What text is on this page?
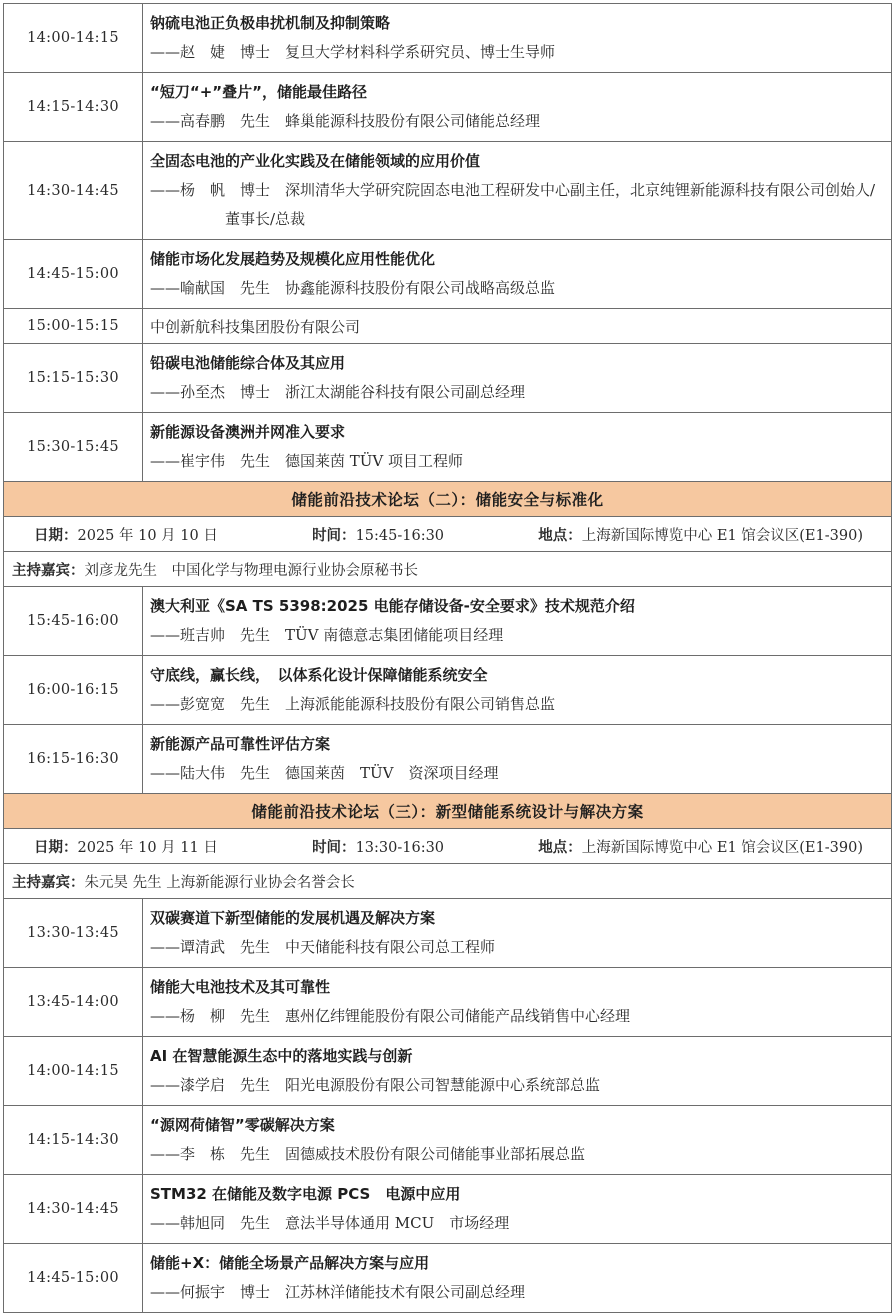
14:00-14:15	钠硫电池正负极串扰机制及抑制策略
——赵　婕　博士　复旦大学材料科学系研究员、博士生导师

14:15-14:30	“短刀“+”叠片”，储能最佳路径
——高春鹏　先生　蜂巢能源科技股份有限公司储能总经理

14:30-14:45	全固态电池的产业化实践及在储能领域的应用价值
——杨　帆　博士　深圳清华大学研究院固态电池工程研发中心副主任，北京纯锂新能源科技有限公司创始人/ 董事长/总裁

14:45-15:00	储能市场化发展趋势及规模化应用性能优化
——喻献国　先生　协鑫能源科技股份有限公司战略高级总监

15:00-15:15	中创新航科技集团股份有限公司
15:15-15:30	铅碳电池储能综合体及其应用
——孙至杰　博士　浙江太湖能谷科技有限公司副总经理

15:30-15:45	新能源设备澳洲并网准入要求
——崔宇伟　先生　德国莱茵 TÜV 项目工程师

储能前沿技术论坛（二）：储能安全与标准化	

日期：2025 年 10 月 10 日 时间：15:45-16:30 地点：上海新国际博览中心 E1 馆会议区(E1-390)	

主持嘉宾：刘彦龙先生　中国化学与物理电源行业协会原秘书长	
15:45-16:00	澳大利亚《SA TS 5398:2025 电能存储设备-安全要求》技术规范介绍
——班吉帅　先生　TÜV 南德意志集团储能项目经理

16:00-16:15	守底线，赢长线，　以体系化设计保障储能系统安全
——彭宽宽　先生　上海派能能源科技股份有限公司销售总监

16:15-16:30	新能源产品可靠性评估方案
——陆大伟　先生　德国莱茵　TÜV　资深项目经理

储能前沿技术论坛（三）：新型储能系统设计与解决方案	

日期：2025 年 10 月 11 日 时间：13:30-16:30 地点：上海新国际博览中心 E1 馆会议区(E1-390)	

主持嘉宾：朱元昊 先生 上海新能源行业协会名誉会长	
13:30-13:45	双碳赛道下新型储能的发展机遇及解决方案
——谭清武　先生　中天储能科技有限公司总工程师

13:45-14:00	储能大电池技术及其可靠性
——杨　柳　先生　惠州亿纬锂能股份有限公司储能产品线销售中心经理

14:00-14:15	AI 在智慧能源生态中的落地实践与创新
——漆学启　先生　阳光电源股份有限公司智慧能源中心系统部总监

14:15-14:30	“源网荷储智”零碳解决方案
——李　栋　先生　固德威技术股份有限公司储能事业部拓展总监

14:30-14:45	STM32 在储能及数字电源 PCS　电源中应用
——韩旭同　先生　意法半导体通用 MCU　市场经理

14:45-15:00	储能+X：储能全场景产品解决方案与应用
——何振宇　博士　江苏林洋储能技术有限公司副总经理
